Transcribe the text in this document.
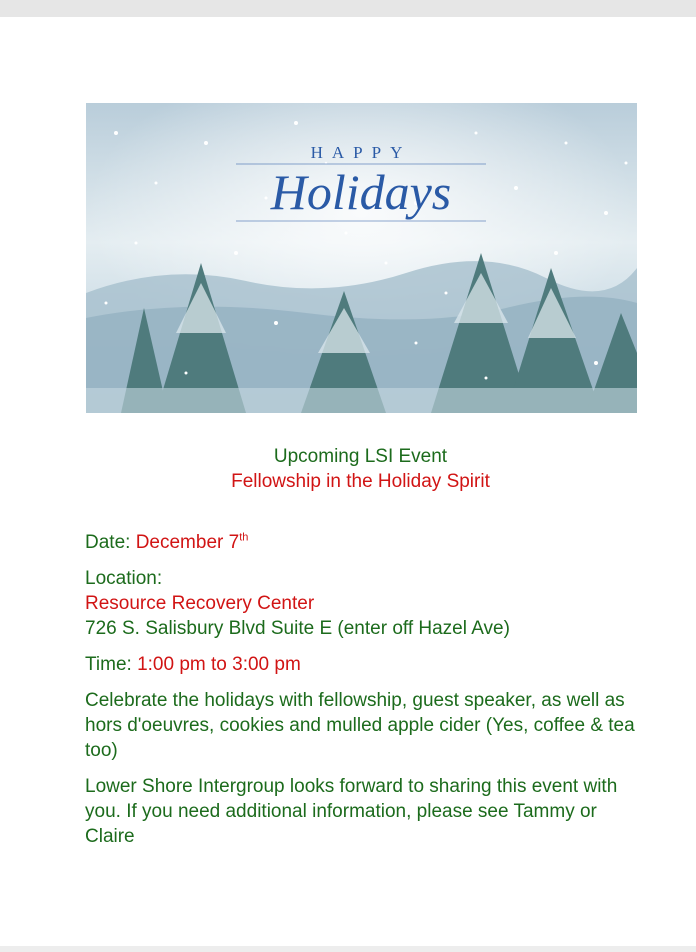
HAPPY
Holidays

Upcoming LSI Event

Fellowship in the Holiday Spirit

Date: December 7th

Location:

Resource Recovery Center

726 S. Salisbury Blvd Suite E (enter off Hazel Ave)

Time: 1:00 pm to 3:00 pm

Celebrate the holidays with fellowship, guest speaker, as well as hors d'oeuvres, cookies and mulled apple cider (Yes, coffee & tea too)

Lower Shore Intergroup looks forward to sharing this event with you. If you need additional information, please see Tammy or Claire
